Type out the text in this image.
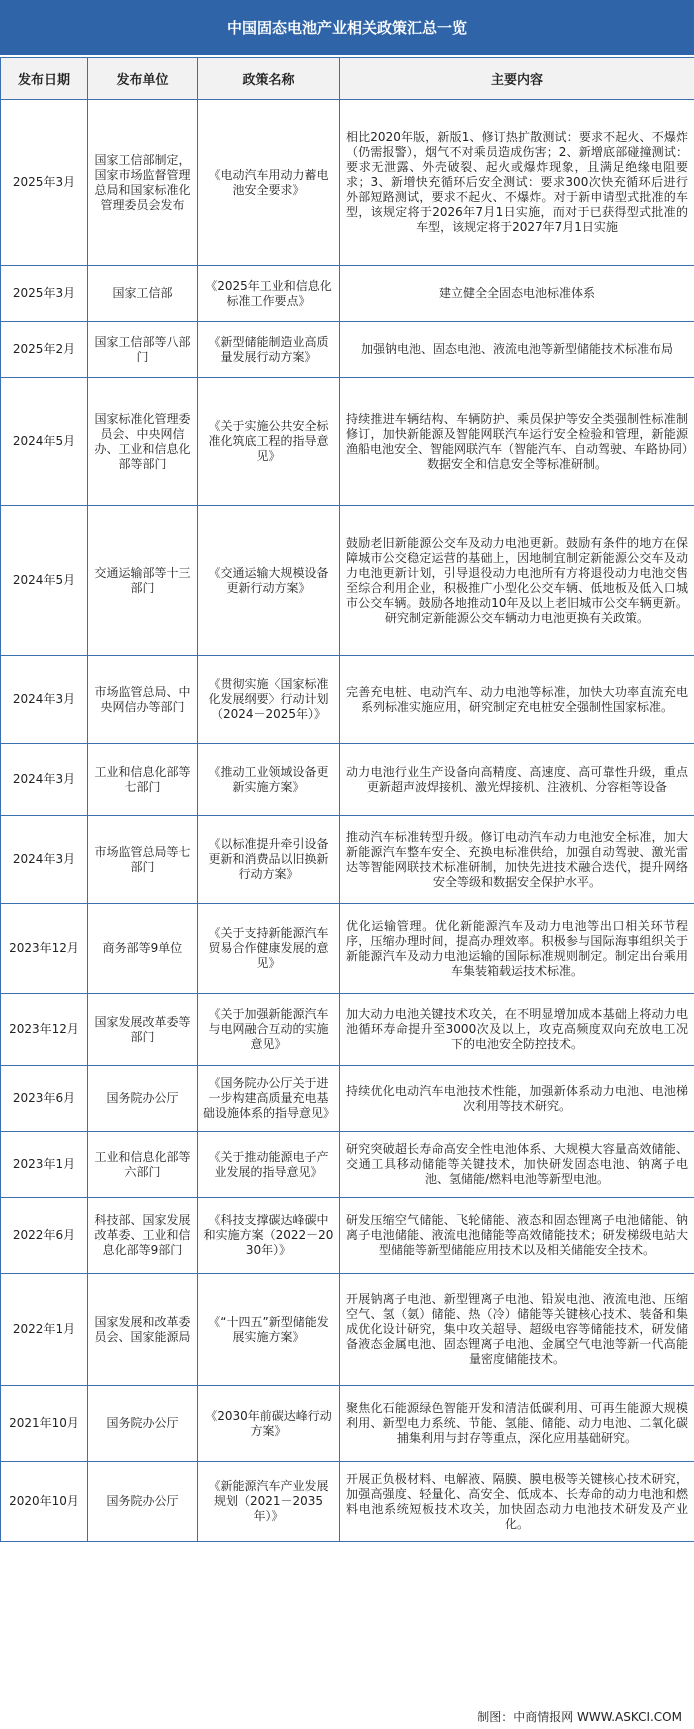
中国固态电池产业相关政策汇总一览
发布日期	发布单位	政策名称	主要内容
2025年3月	国家工信部制定，国家市场监督管理总局和国家标准化管理委员会发布	《电动汽车用动力蓄电池安全要求》	相比2020年版，新版1、修订热扩散测试：要求不起火、不爆炸（仍需报警），烟气不对乘员造成伤害；2、新增底部碰撞测试：要求无泄露、外壳破裂、起火或爆炸现象，且满足绝缘电阻要求；3、新增快充循环后安全测试：要求300次快充循环后进行外部短路测试，要求不起火、不爆炸。对于新申请型式批准的车型，该规定将于2026年7月1日实施，而对于已获得型式批准的车型，该规定将于2027年7月1日实施
2025年3月	国家工信部	《2025年工业和信息化标准工作要点》	建立健全全固态电池标准体系
2025年2月	国家工信部等八部门	《新型储能制造业高质量发展行动方案》	加强钠电池、固态电池、液流电池等新型储能技术标准布局
2024年5月	国家标准化管理委员会、中央网信办、工业和信息化部等部门	《关于实施公共安全标准化筑底工程的指导意见》	持续推进车辆结构、车辆防护、乘员保护等安全类强制性标准制修订，加快新能源及智能网联汽车运行安全检验和管理，新能源渔船电池安全、智能网联汽车（智能汽车、自动驾驶、车路协同）数据安全和信息安全等标准研制。
2024年5月	交通运输部等十三部门	《交通运输大规模设备更新行动方案》	鼓励老旧新能源公交车及动力电池更新。鼓励有条件的地方在保障城市公交稳定运营的基础上，因地制宜制定新能源公交车及动力电池更新计划，引导退役动力电池所有方将退役动力电池交售至综合利用企业，积极推广小型化公交车辆、低地板及低入口城市公交车辆。鼓励各地推动10年及以上老旧城市公交车辆更新。研究制定新能源公交车辆动力电池更换有关政策。
2024年3月	市场监管总局、中央网信办等部门	《贯彻实施〈国家标准化发展纲要〉行动计划（2024－2025年）》	完善充电桩、电动汽车、动力电池等标准，加快大功率直流充电系列标准实施应用，研究制定充电桩安全强制性国家标准。
2024年3月	工业和信息化部等七部门	《推动工业领域设备更新实施方案》	动力电池行业生产设备向高精度、高速度、高可靠性升级，重点更新超声波焊接机、激光焊接机、注液机、分容柜等设备
2024年3月	市场监管总局等七部门	《以标准提升牵引设备更新和消费品以旧换新行动方案》	推动汽车标准转型升级。修订电动汽车动力电池安全标准，加大新能源汽车整车安全、充换电标准供给，加强自动驾驶、激光雷达等智能网联技术标准研制，加快先进技术融合迭代，提升网络安全等级和数据安全保护水平。
2023年12月	商务部等9单位	《关于支持新能源汽车贸易合作健康发展的意见》	优化运输管理。优化新能源汽车及动力电池等出口相关环节程序，压缩办理时间，提高办理效率。积极参与国际海事组织关于新能源汽车及动力电池运输的国际标准规则制定。制定出台乘用车集装箱载运技术标准。
2023年12月	国家发展改革委等部门	《关于加强新能源汽车与电网融合互动的实施意见》	加大动力电池关键技术攻关，在不明显增加成本基础上将动力电池循环寿命提升至3000次及以上，攻克高频度双向充放电工况下的电池安全防控技术。
2023年6月	国务院办公厅	《国务院办公厅关于进一步构建高质量充电基础设施体系的指导意见》	持续优化电动汽车电池技术性能，加强新体系动力电池、电池梯次利用等技术研究。
2023年1月	工业和信息化部等六部门	《关于推动能源电子产业发展的指导意见》	研究突破超长寿命高安全性电池体系、大规模大容量高效储能、交通工具移动储能等关键技术，加快研发固态电池、钠离子电池、氢储能/燃料电池等新型电池。
2022年6月	科技部、国家发展改革委、工业和信息化部等9部门	《科技支撑碳达峰碳中和实施方案（2022－2030年）》	研发压缩空气储能、飞轮储能、液态和固态锂离子电池储能、钠离子电池储能、液流电池储能等高效储能技术；研发梯级电站大型储能等新型储能应用技术以及相关储能安全技术。
2022年1月	国家发展和改革委员会、国家能源局	《“十四五”新型储能发展实施方案》	开展钠离子电池、新型锂离子电池、铅炭电池、液流电池、压缩空气、氢（氨）储能、热（冷）储能等关键核心技术、装备和集成优化设计研究，集中攻关超导、超级电容等储能技术，研发储备液态金属电池、固态锂离子电池、金属空气电池等新一代高能量密度储能技术。
2021年10月	国务院办公厅	《2030年前碳达峰行动方案》	聚焦化石能源绿色智能开发和清洁低碳利用、可再生能源大规模利用、新型电力系统、节能、氢能、储能、动力电池、二氧化碳捕集利用与封存等重点，深化应用基础研究。
2020年10月	国务院办公厅	《新能源汽车产业发展规划（2021－2035年）》	开展正负极材料、电解液、隔膜、膜电极等关键核心技术研究，加强高强度、轻量化、高安全、低成本、长寿命的动力电池和燃料电池系统短板技术攻关，加快固态动力电池技术研发及产业化。
制图：中商情报网 WWW.ASKCI.COM
